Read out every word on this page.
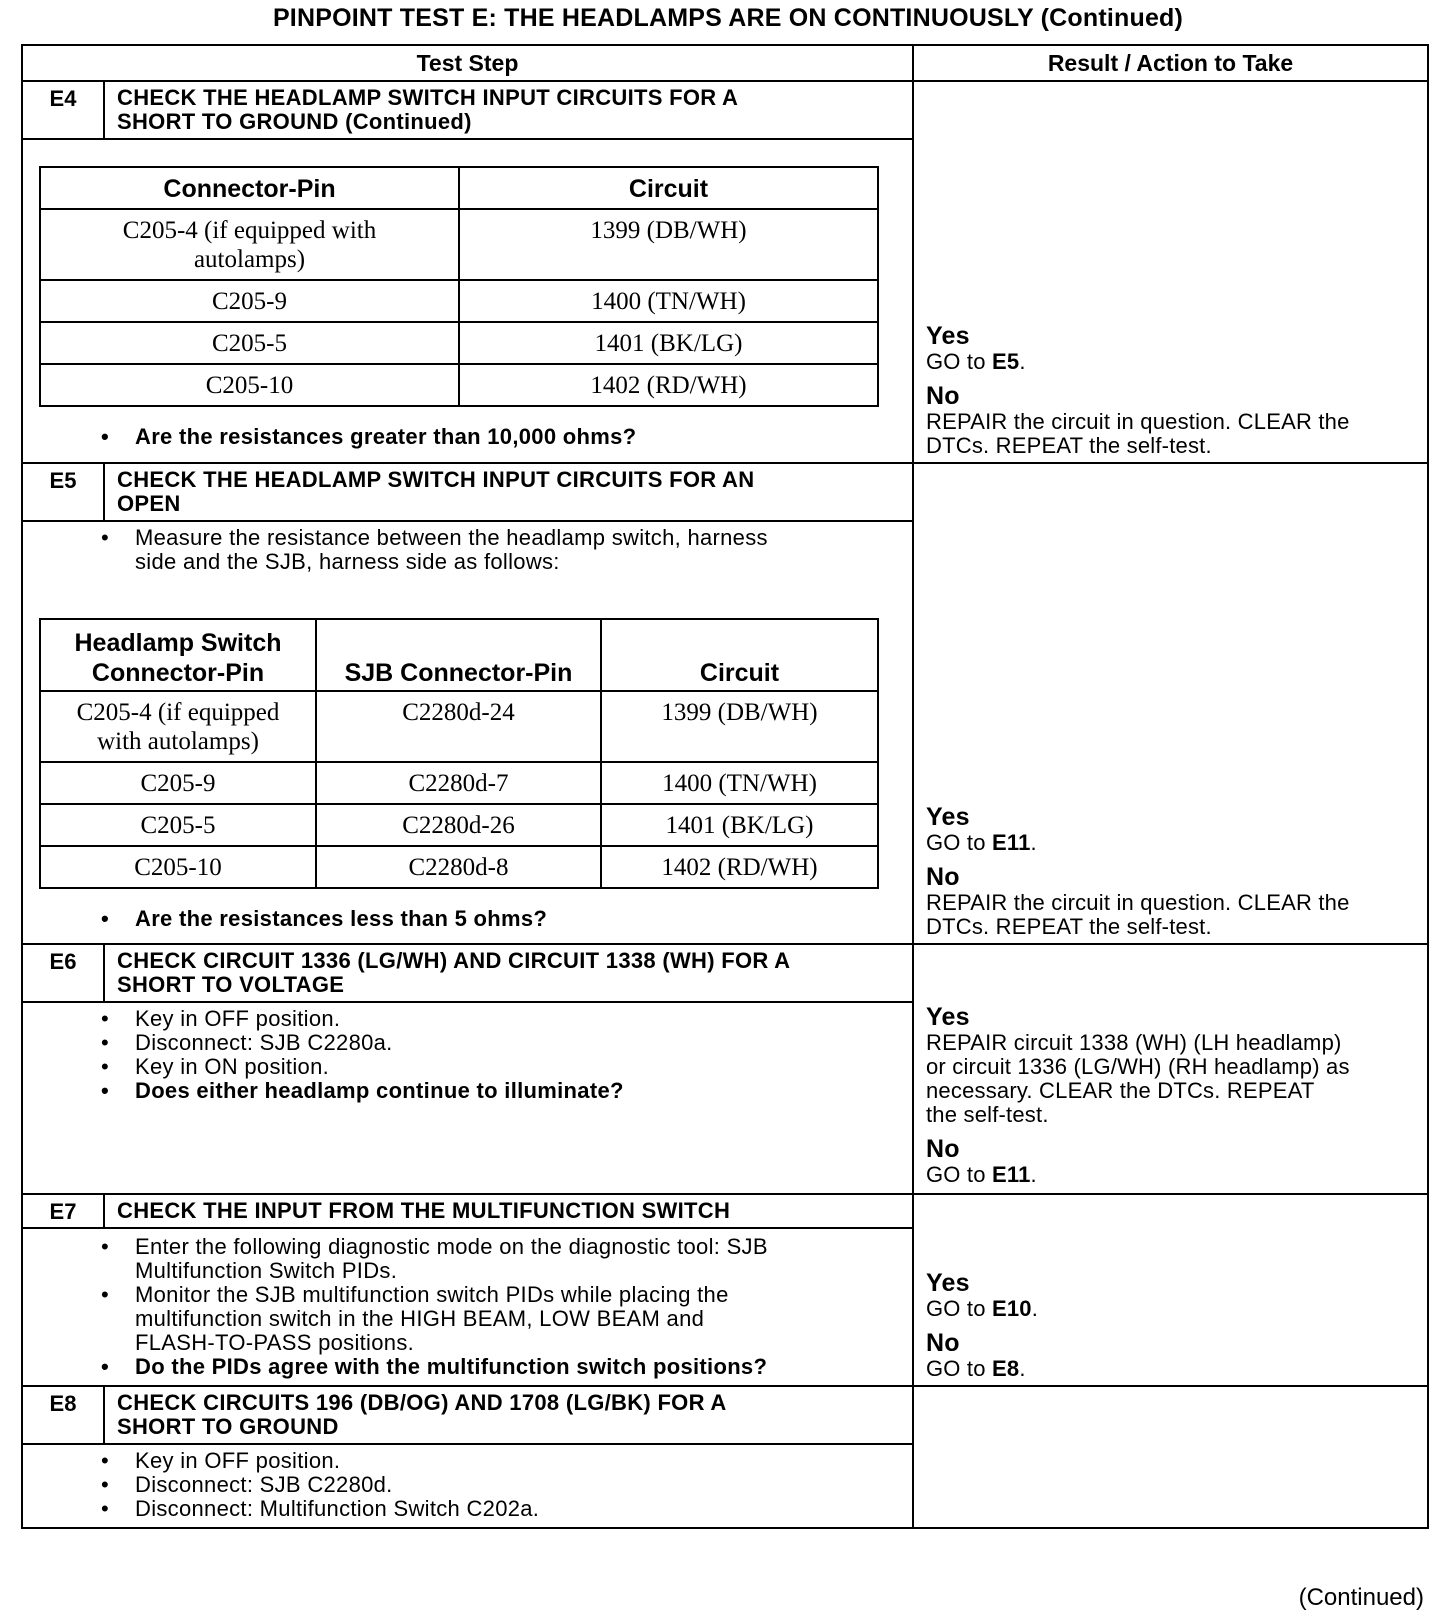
PINPOINT TEST E: THE HEADLAMPS ARE ON CONTINUOUSLY (Continued)
Test Step	Result / Action to Take

E4	CHECK THE HEADLAMP SWITCH INPUT CIRCUITS FOR A
SHORT TO GROUND (Continued)
Connector-Pin	Circuit

C205-4 (if equipped with
autolamps)
	1399 (DB/WH)
C205-9	1400 (TN/WH)
C205-5	1401 (BK/LG)
C205-10	1402 (RD/WH)
• Are the resistances greater than 10,000 ohms?

Yes
GO to E5.
No
REPAIR the circuit in question. CLEAR the
DTCs. REPEAT the self-test.

E5	CHECK THE HEADLAMP SWITCH INPUT CIRCUITS FOR AN
OPEN
• Measure the resistance between the headlamp switch, harness
side and the SJB, harness side as follows:
Headlamp Switch
Connector-Pin	SJB Connector-Pin	Circuit

C205-4 (if equipped
with autolamps)
	C2280d-24	1399 (DB/WH)
C205-9	C2280d-7	1400 (TN/WH)
C205-5	C2280d-26	1401 (BK/LG)
C205-10	C2280d-8	1402 (RD/WH)
• Are the resistances less than 5 ohms?

Yes
GO to E11.
No
REPAIR the circuit in question. CLEAR the
DTCs. REPEAT the self-test.

E6	CHECK CIRCUIT 1336 (LG/WH) AND CIRCUIT 1338 (WH) FOR A
SHORT TO VOLTAGE
• Key in OFF position.
• Disconnect: SJB C2280a.
• Key in ON position.
• Does either headlamp continue to illuminate?

Yes
REPAIR circuit 1338 (WH) (LH headlamp)
or circuit 1336 (LG/WH) (RH headlamp) as
necessary. CLEAR the DTCs. REPEAT
the self-test.
No
GO to E11.

E7	CHECK THE INPUT FROM THE MULTIFUNCTION SWITCH
• Enter the following diagnostic mode on the diagnostic tool: SJB
Multifunction Switch PIDs.
• Monitor the SJB multifunction switch PIDs while placing the
multifunction switch in the HIGH BEAM, LOW BEAM and
FLASH-TO-PASS positions.
• Do the PIDs agree with the multifunction switch positions?

Yes
GO to E10.
No
GO to E8.

E8	CHECK CIRCUITS 196 (DB/OG) AND 1708 (LG/BK) FOR A
SHORT TO GROUND
• Key in OFF position.
• Disconnect: SJB C2280d.
• Disconnect: Multifunction Switch C202a.

(Continued)
